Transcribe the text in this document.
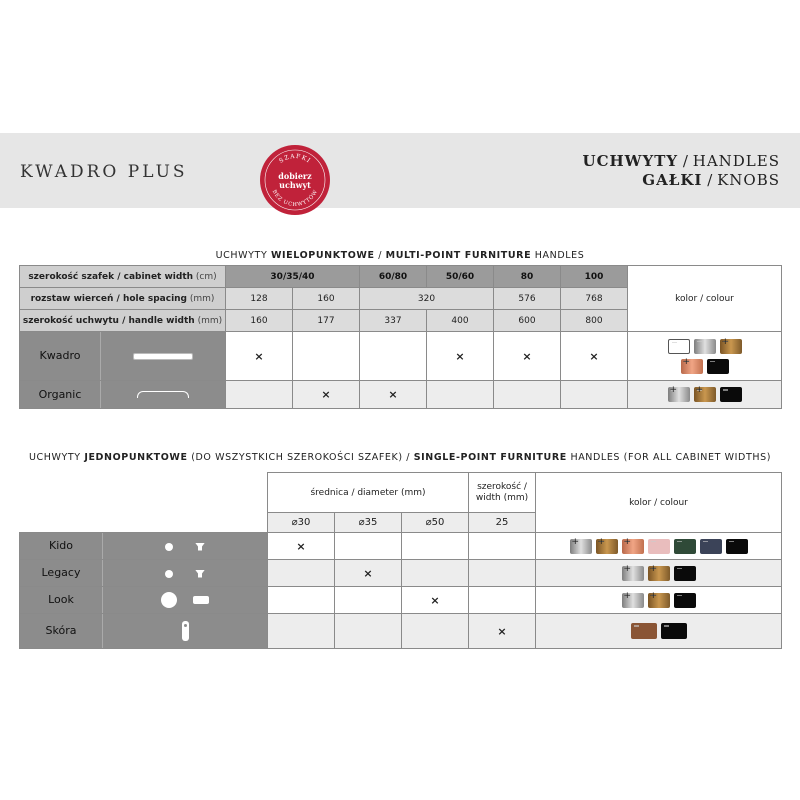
KWADRO PLUS
SZAFKI
BEZ UCHWYTÓW
dobierz
uchwyt
UCHWYTY / HANDLES
GAŁKI / KNOBS
UCHWYTY WIELOPUNKTOWE / MULTI-POINT FURNITURE HANDLES
szerokość szafek / cabinet width (cm)	30/35/40		60/80	50/60	80	100	kolor / colour
rozstaw wierceń / hole spacing (mm)	128	160	320		576	768	
szerokość uchwytu / handle width (mm)	160	177	337	400	600	800	

Kwadro	×			×	×	×	
+
+

Organic		×	×				++
UCHWYTY JEDNOPUNKTOWE (DO WSZYSTKICH SZEROKOŚCI SZAFEK) / SINGLE-POINT FURNITURE HANDLES (FOR ALL CABINET WIDTHS)
	średnica / diameter (mm)			szerokość / width (mm)	kolor / colour
	⌀30	⌀35	⌀50	25	

Kido	×				+++

Legacy		×			++

Look			×		++

Skóra				×	
